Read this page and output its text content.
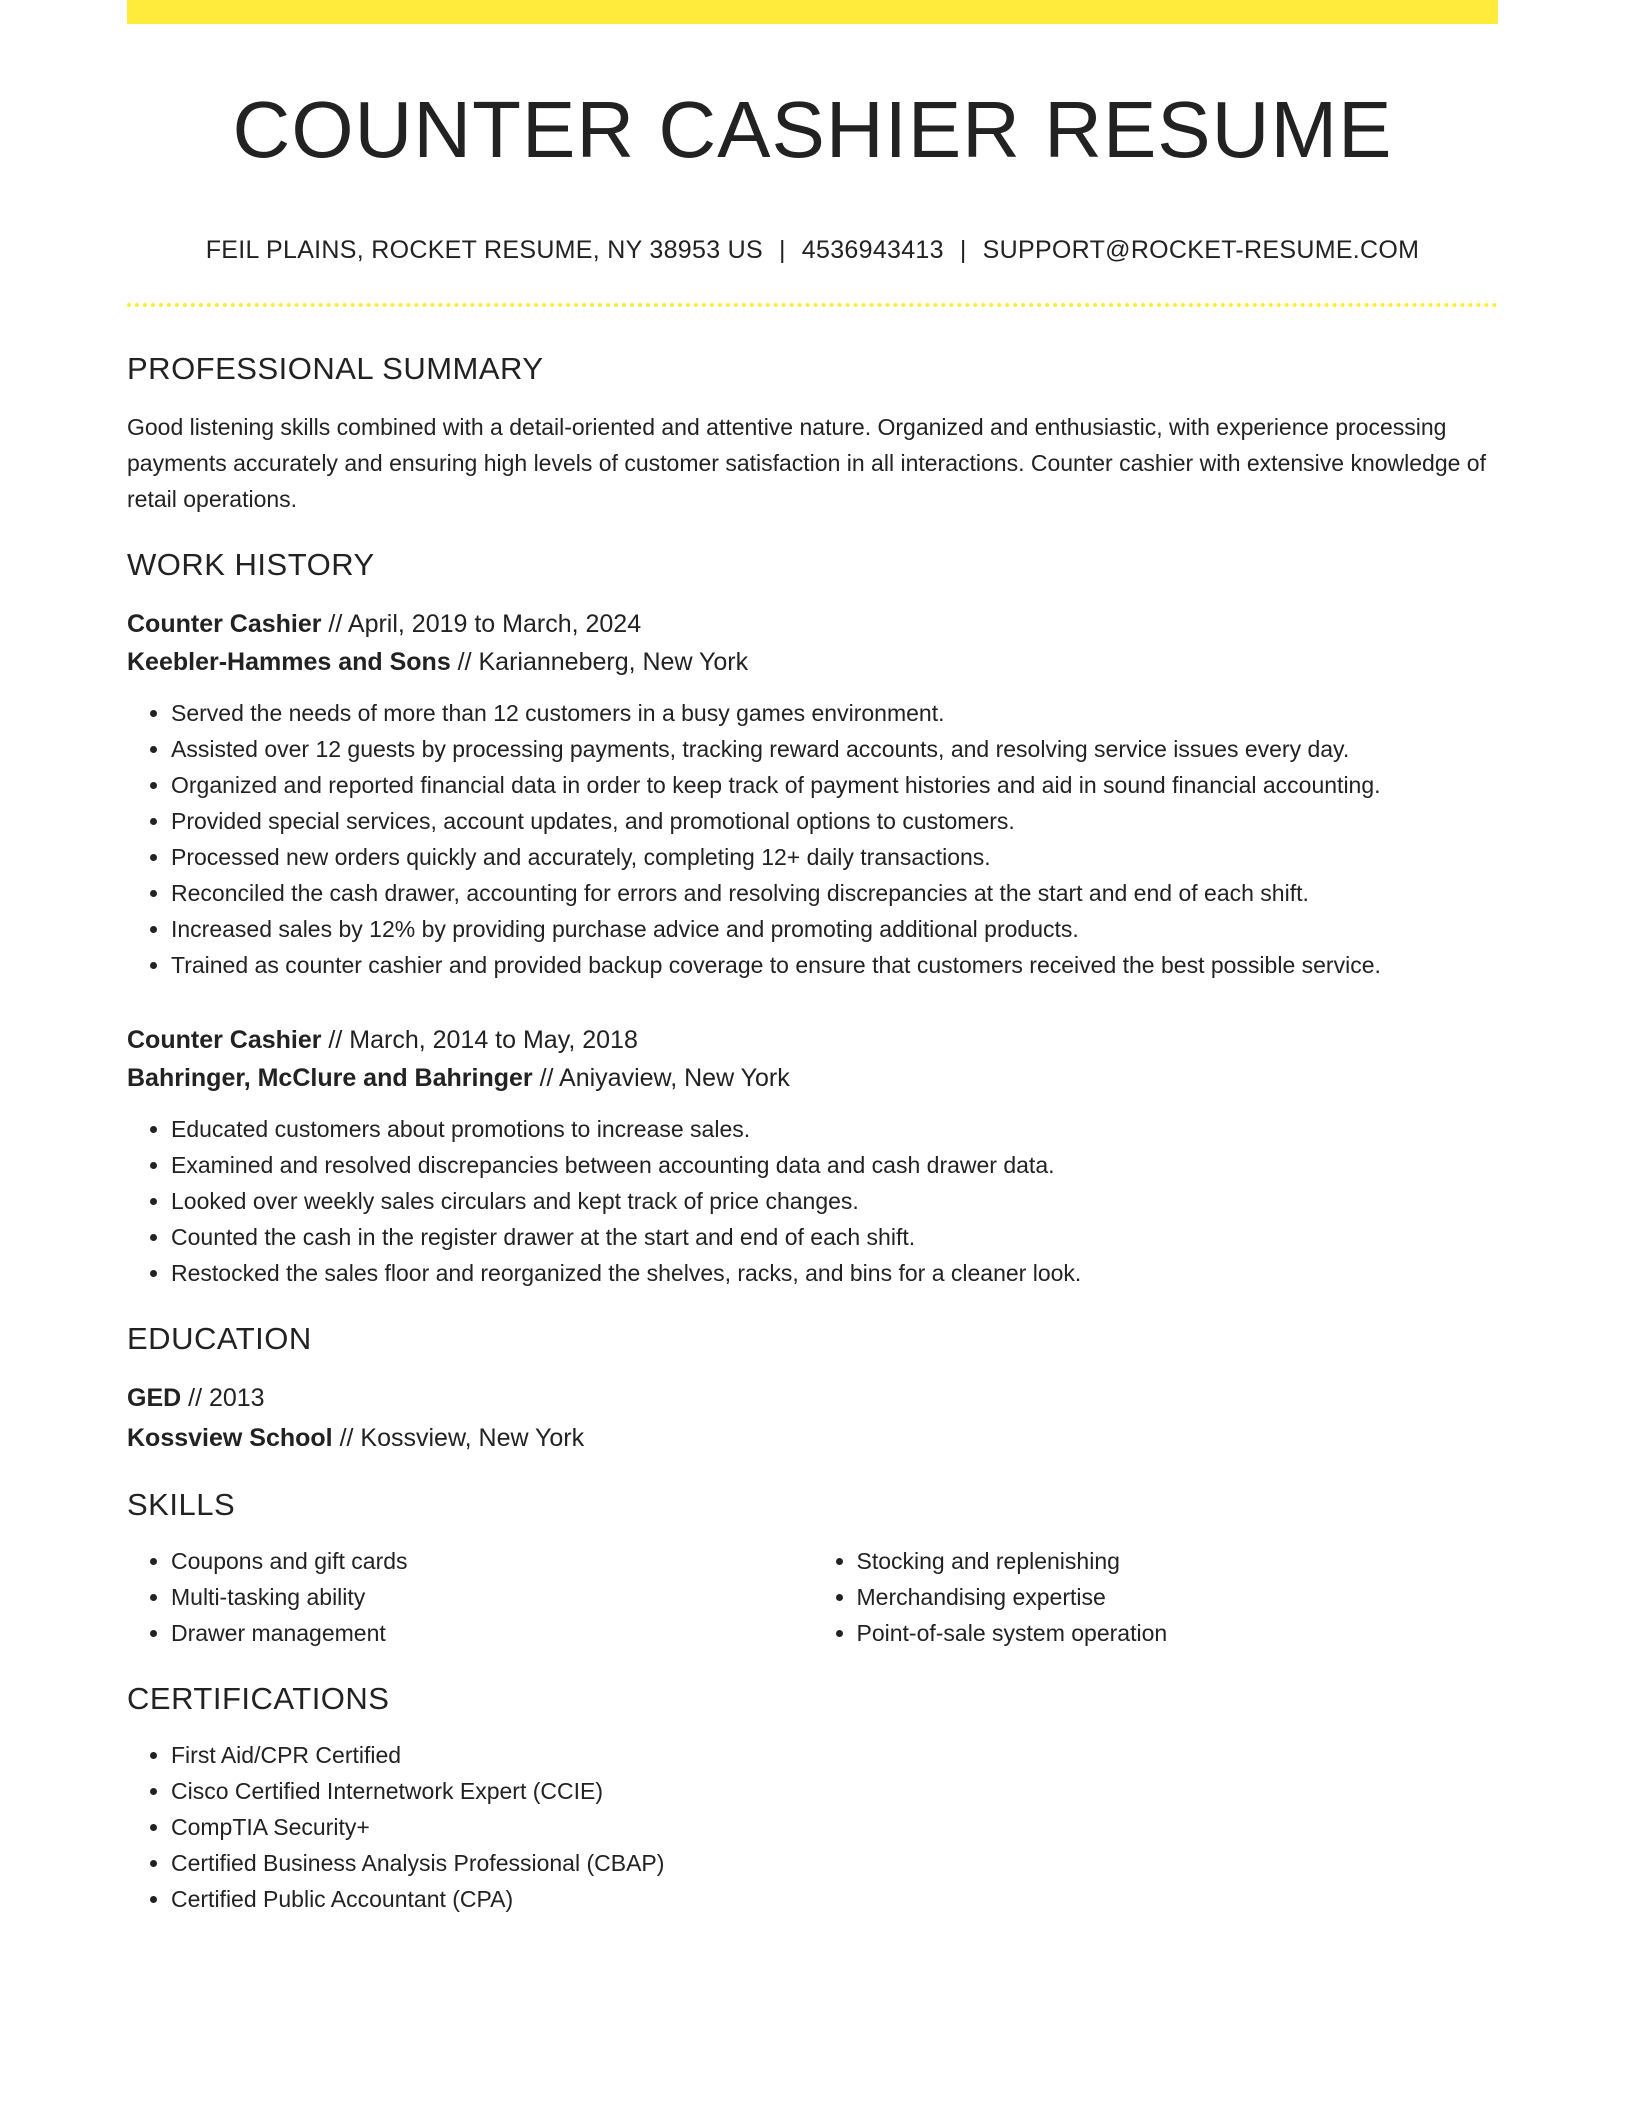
COUNTER CASHIER RESUME
FEIL PLAINS, ROCKET RESUME, NY 38953 US | 4536943413 | SUPPORT@ROCKET-RESUME.COM
PROFESSIONAL SUMMARY

Good listening skills combined with a detail-oriented and attentive nature. Organized and enthusiastic, with experience processing payments accurately and ensuring high levels of customer satisfaction in all interactions. Counter cashier with extensive knowledge of retail operations.

WORK HISTORY
Counter Cashier // April, 2019 to March, 2024
Keebler-Hammes and Sons // Karianneberg, New York
• Served the needs of more than 12 customers in a busy games environment.
• Assisted over 12 guests by processing payments, tracking reward accounts, and resolving service issues every day.
• Organized and reported financial data in order to keep track of payment histories and aid in sound financial accounting.
• Provided special services, account updates, and promotional options to customers.
• Processed new orders quickly and accurately, completing 12+ daily transactions.
• Reconciled the cash drawer, accounting for errors and resolving discrepancies at the start and end of each shift.
• Increased sales by 12% by providing purchase advice and promoting additional products.
• Trained as counter cashier and provided backup coverage to ensure that customers received the best possible service.
Counter Cashier // March, 2014 to May, 2018
Bahringer, McClure and Bahringer // Aniyaview, New York
• Educated customers about promotions to increase sales.
• Examined and resolved discrepancies between accounting data and cash drawer data.
• Looked over weekly sales circulars and kept track of price changes.
• Counted the cash in the register drawer at the start and end of each shift.
• Restocked the sales floor and reorganized the shelves, racks, and bins for a cleaner look.
EDUCATION
GED // 2013
Kossview School // Kossview, New York
SKILLS
• Coupons and gift cards
• Multi-tasking ability
• Drawer management
• Stocking and replenishing
• Merchandising expertise
• Point-of-sale system operation
CERTIFICATIONS
• First Aid/CPR Certified
• Cisco Certified Internetwork Expert (CCIE)
• CompTIA Security+
• Certified Business Analysis Professional (CBAP)
• Certified Public Accountant (CPA)
